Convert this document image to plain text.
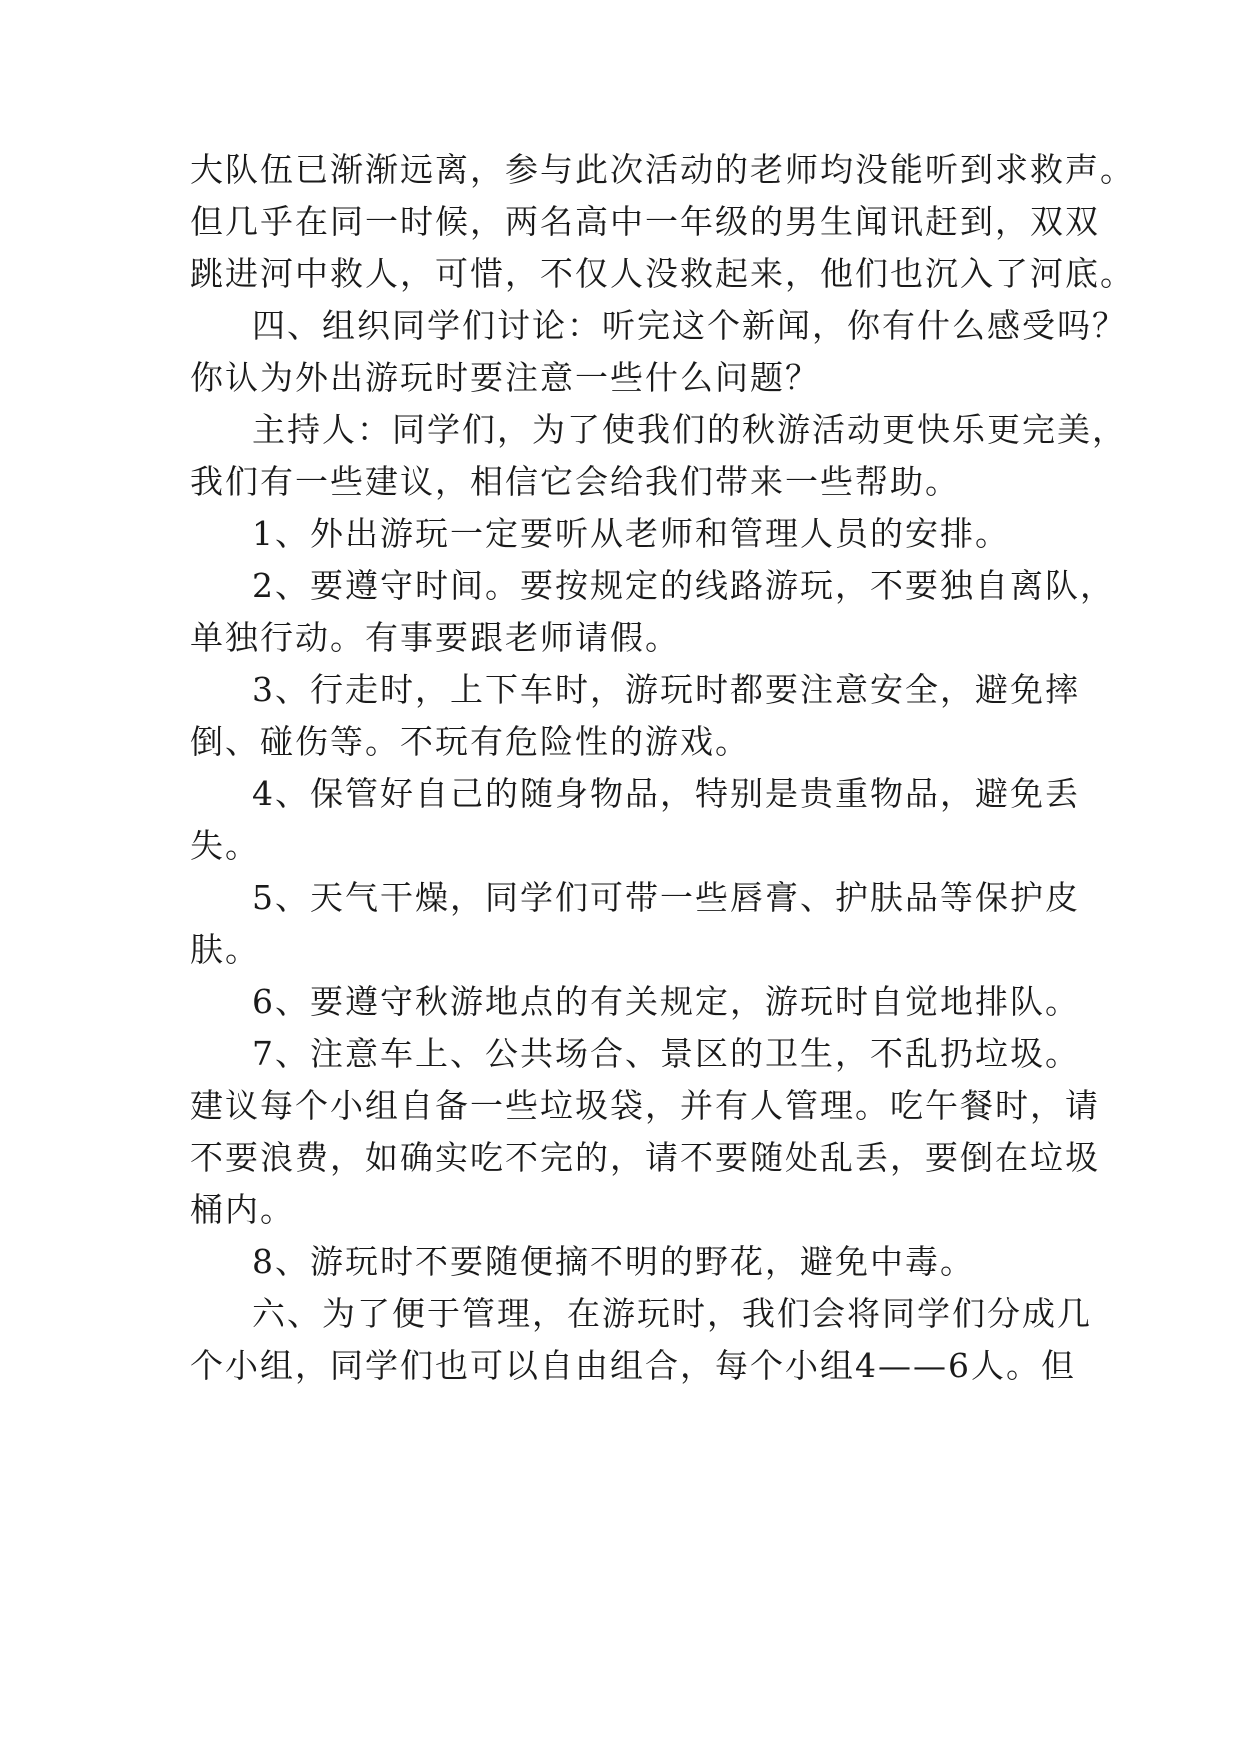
大队伍已渐渐远离，参与此次活动的老师均没能听到求救声。
但几乎在同一时候，两名高中一年级的男生闻讯赶到，双双
跳进河中救人，可惜，不仅人没救起来，他们也沉入了河底。
四、组织同学们讨论：听完这个新闻，你有什么感受吗？
你认为外出游玩时要注意一些什么问题？
主持人：同学们，为了使我们的秋游活动更快乐更完美，
我们有一些建议，相信它会给我们带来一些帮助。
1、外出游玩一定要听从老师和管理人员的安排。
2、要遵守时间。要按规定的线路游玩，不要独自离队，
单独行动。有事要跟老师请假。
3、行走时，上下车时，游玩时都要注意安全，避免摔
倒、碰伤等。不玩有危险性的游戏。
4、保管好自己的随身物品，特别是贵重物品，避免丢
失。
5、天气干燥，同学们可带一些唇膏、护肤品等保护皮
肤。
6、要遵守秋游地点的有关规定，游玩时自觉地排队。
7、注意车上、公共场合、景区的卫生，不乱扔垃圾。
建议每个小组自备一些垃圾袋，并有人管理。吃午餐时，请
不要浪费，如确实吃不完的，请不要随处乱丢，要倒在垃圾
桶内。
8、游玩时不要随便摘不明的野花，避免中毒。
六、为了便于管理，在游玩时，我们会将同学们分成几
个小组，同学们也可以自由组合，每个小组4——6人。但
